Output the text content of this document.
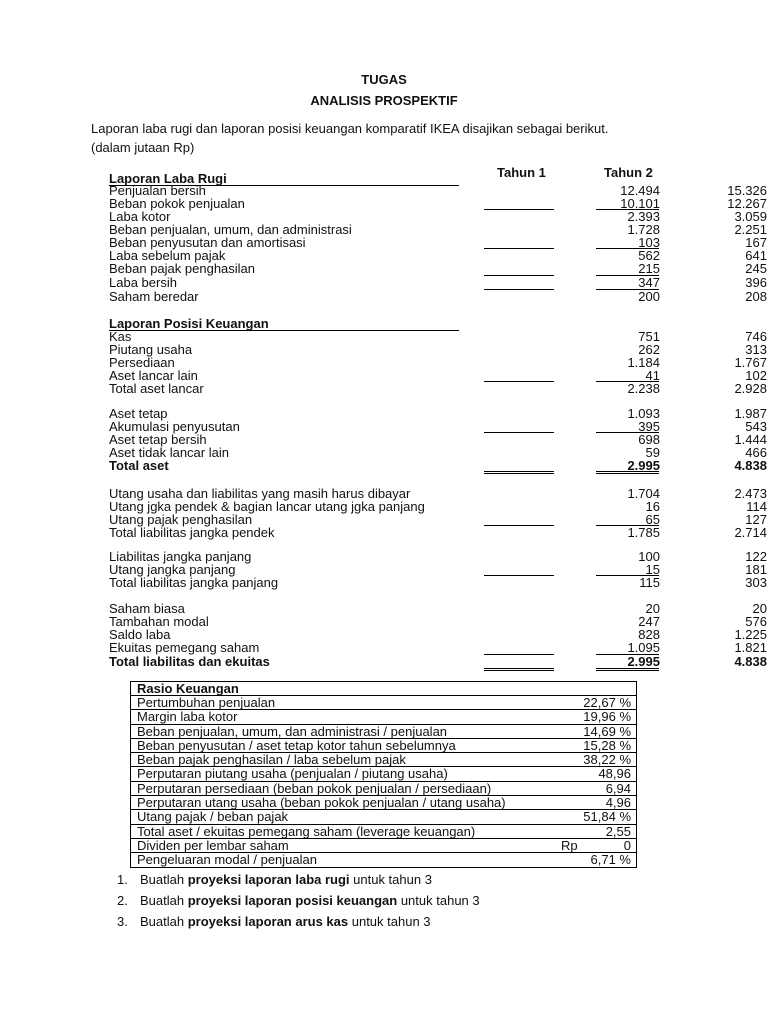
TUGAS
ANALISIS PROSPEKTIF
Laporan laba rugi dan laporan posisi keuangan komparatif IKEA disajikan sebagai berikut.
(dalam jutaan Rp)
Tahun 1	Tahun 2
Laporan Laba Rugi
Penjualan bersih	12.494	15.326
Beban pokok penjualan	10.101	12.267
Laba kotor	2.393	3.059
Beban penjualan, umum, dan administrasi	1.728	2.251
Beban penyusutan dan amortisasi	103	167
Laba sebelum pajak	562	641
Beban pajak penghasilan	215	245
Laba bersih	347	396
Saham beredar	200	208
Laporan Posisi Keuangan
Kas	751	746
Piutang usaha	262	313
Persediaan	1.184	1.767
Aset lancar lain	41	102
Total aset lancar	2.238	2.928
Aset tetap	1.093	1.987
Akumulasi penyusutan	395	543
Aset tetap bersih	698	1.444
Aset tidak lancar lain	59	466
Total aset	2.995	4.838
Utang usaha dan liabilitas yang masih harus dibayar	1.704	2.473
Utang jgka pendek & bagian lancar utang jgka panjang	16	114
Utang pajak penghasilan	65	127
Total liabilitas jangka pendek	1.785	2.714
Liabilitas jangka panjang	100	122
Utang jangka panjang	15	181
Total liabilitas jangka panjang	115	303
Saham biasa	20	20
Tambahan modal	247	576
Saldo laba	828	1.225
Ekuitas pemegang saham	1.095	1.821
Total liabilitas dan ekuitas	2.995	4.838
Rasio Keuangan
Pertumbuhan penjualan	22,67 %
Margin laba kotor	19,96 %
Beban penjualan, umum, dan administrasi / penjualan	14,69 %
Beban penyusutan / aset tetap kotor tahun sebelumnya	15,28 %
Beban pajak penghasilan / laba sebelum pajak	38,22 %
Perputaran piutang usaha (penjualan / piutang usaha)	48,96
Perputaran persediaan (beban pokok penjualan / persediaan)	6,94
Perputaran utang usaha (beban pokok penjualan / utang usaha)	4,96
Utang pajak / beban pajak	51,84 %
Total aset / ekuitas pemegang saham (leverage keuangan)	2,55
Dividen per lembar saham	Rp	0
Pengeluaran modal / penjualan	6,71 %
1. Buatlah proyeksi laporan laba rugi untuk tahun 3
2. Buatlah proyeksi laporan posisi keuangan untuk tahun 3
3. Buatlah proyeksi laporan arus kas untuk tahun 3
